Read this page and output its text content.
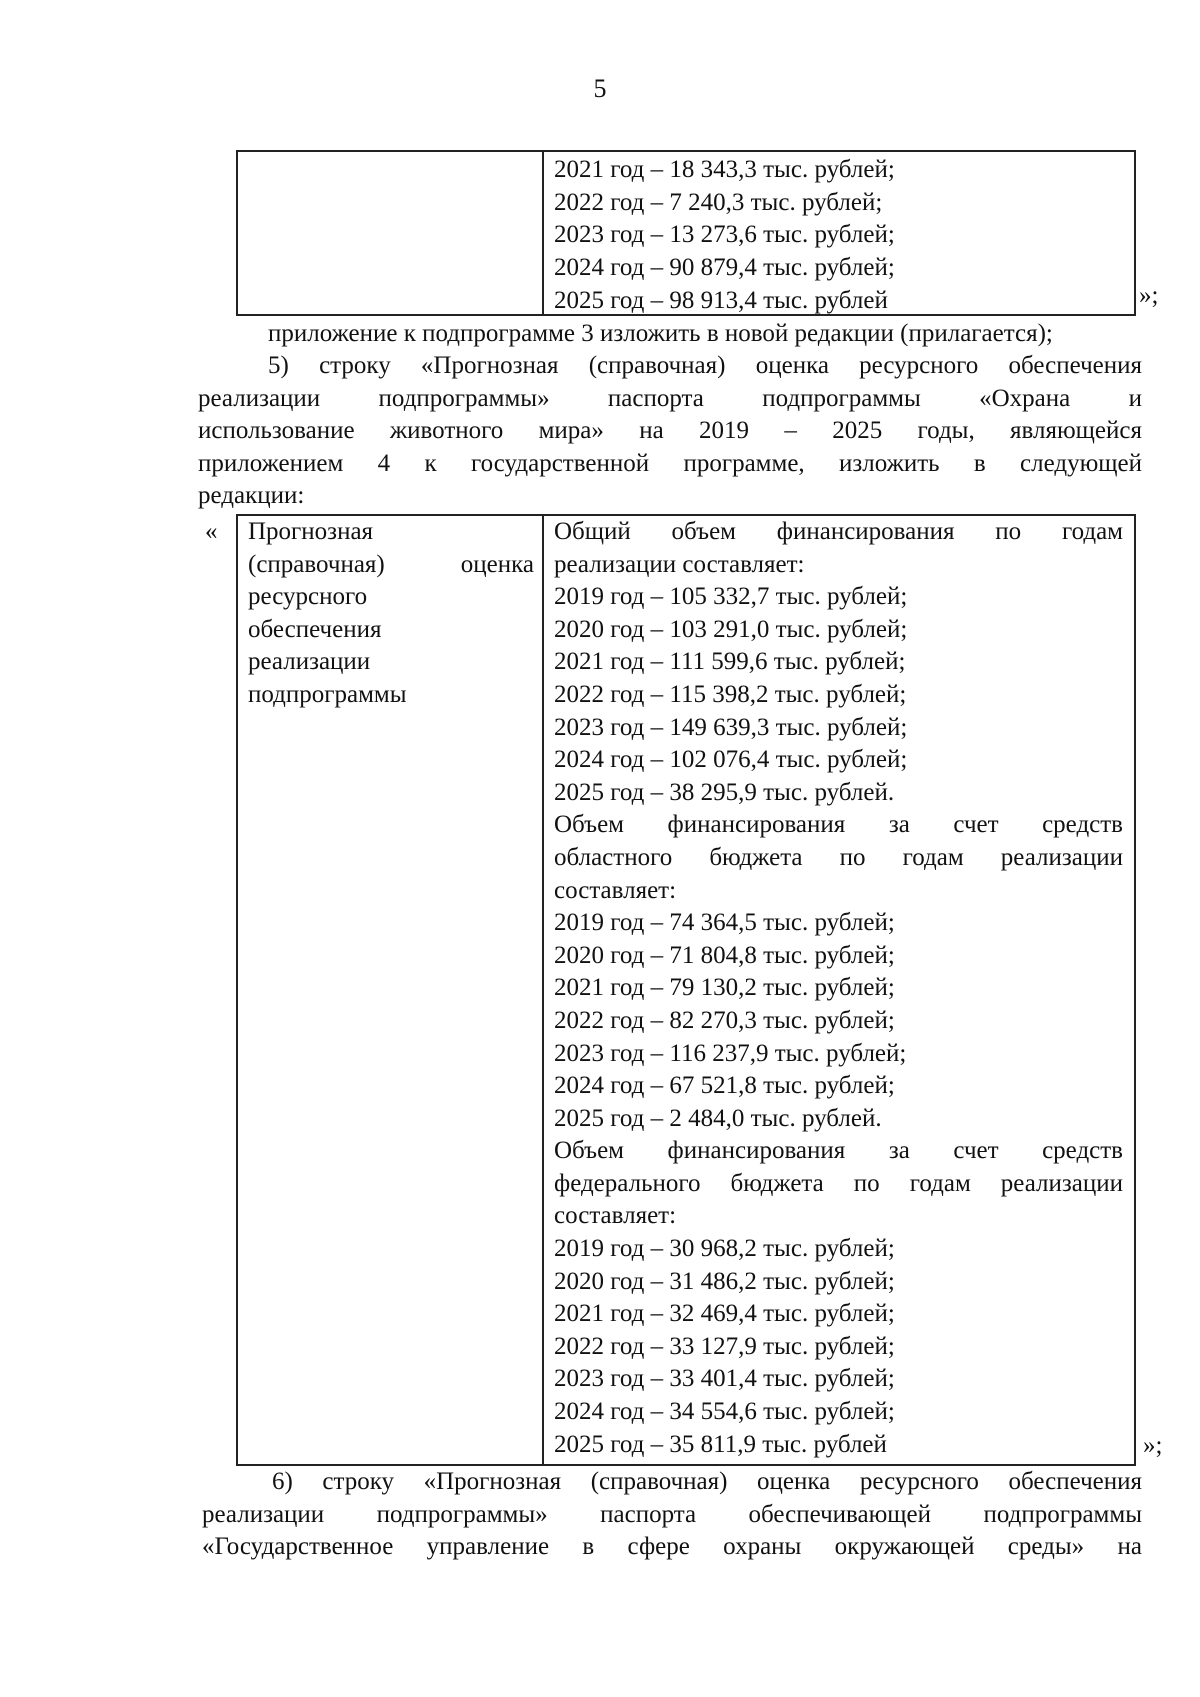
5
2021 год – 18 343,3 тыс. рублей;
2022 год – 7 240,3 тыс. рублей;
2023 год – 13 273,6 тыс. рублей;
2024 год – 90 879,4 тыс. рублей;
2025 год – 98 913,4 тыс. рублей	»;
приложение к подпрограмме 3 изложить в новой редакции (прилагается);
5) строку «Прогнозная (справочная) оценка ресурсного обеспечения
реализации подпрограммы» паспорта подпрограммы «Охрана и
использование животного мира» на 2019 – 2025 годы, являющейся
приложением 4 к государственной программе, изложить в следующей
редакции:
« Прогнозная
(справочная) оценка
ресурсного
обеспечения
реализации
подпрограммы
Общий объем финансирования по годам
реализации составляет:
2019 год – 105 332,7 тыс. рублей;
2020 год – 103 291,0 тыс. рублей;
2021 год – 111 599,6 тыс. рублей;
2022 год – 115 398,2 тыс. рублей;
2023 год – 149 639,3 тыс. рублей;
2024 год – 102 076,4 тыс. рублей;
2025 год – 38 295,9 тыс. рублей.
Объем финансирования за счет средств
областного бюджета по годам реализации
составляет:
2019 год – 74 364,5 тыс. рублей;
2020 год – 71 804,8 тыс. рублей;
2021 год – 79 130,2 тыс. рублей;
2022 год – 82 270,3 тыс. рублей;
2023 год – 116 237,9 тыс. рублей;
2024 год – 67 521,8 тыс. рублей;
2025 год – 2 484,0 тыс. рублей.
Объем финансирования за счет средств
федерального бюджета по годам реализации
составляет:
2019 год – 30 968,2 тыс. рублей;
2020 год – 31 486,2 тыс. рублей;
2021 год – 32 469,4 тыс. рублей;
2022 год – 33 127,9 тыс. рублей;
2023 год – 33 401,4 тыс. рублей;
2024 год – 34 554,6 тыс. рублей;
2025 год – 35 811,9 тыс. рублей	»;
6) строку «Прогнозная (справочная) оценка ресурсного обеспечения
реализации подпрограммы» паспорта обеспечивающей подпрограммы
«Государственное управление в сфере охраны окружающей среды» на
